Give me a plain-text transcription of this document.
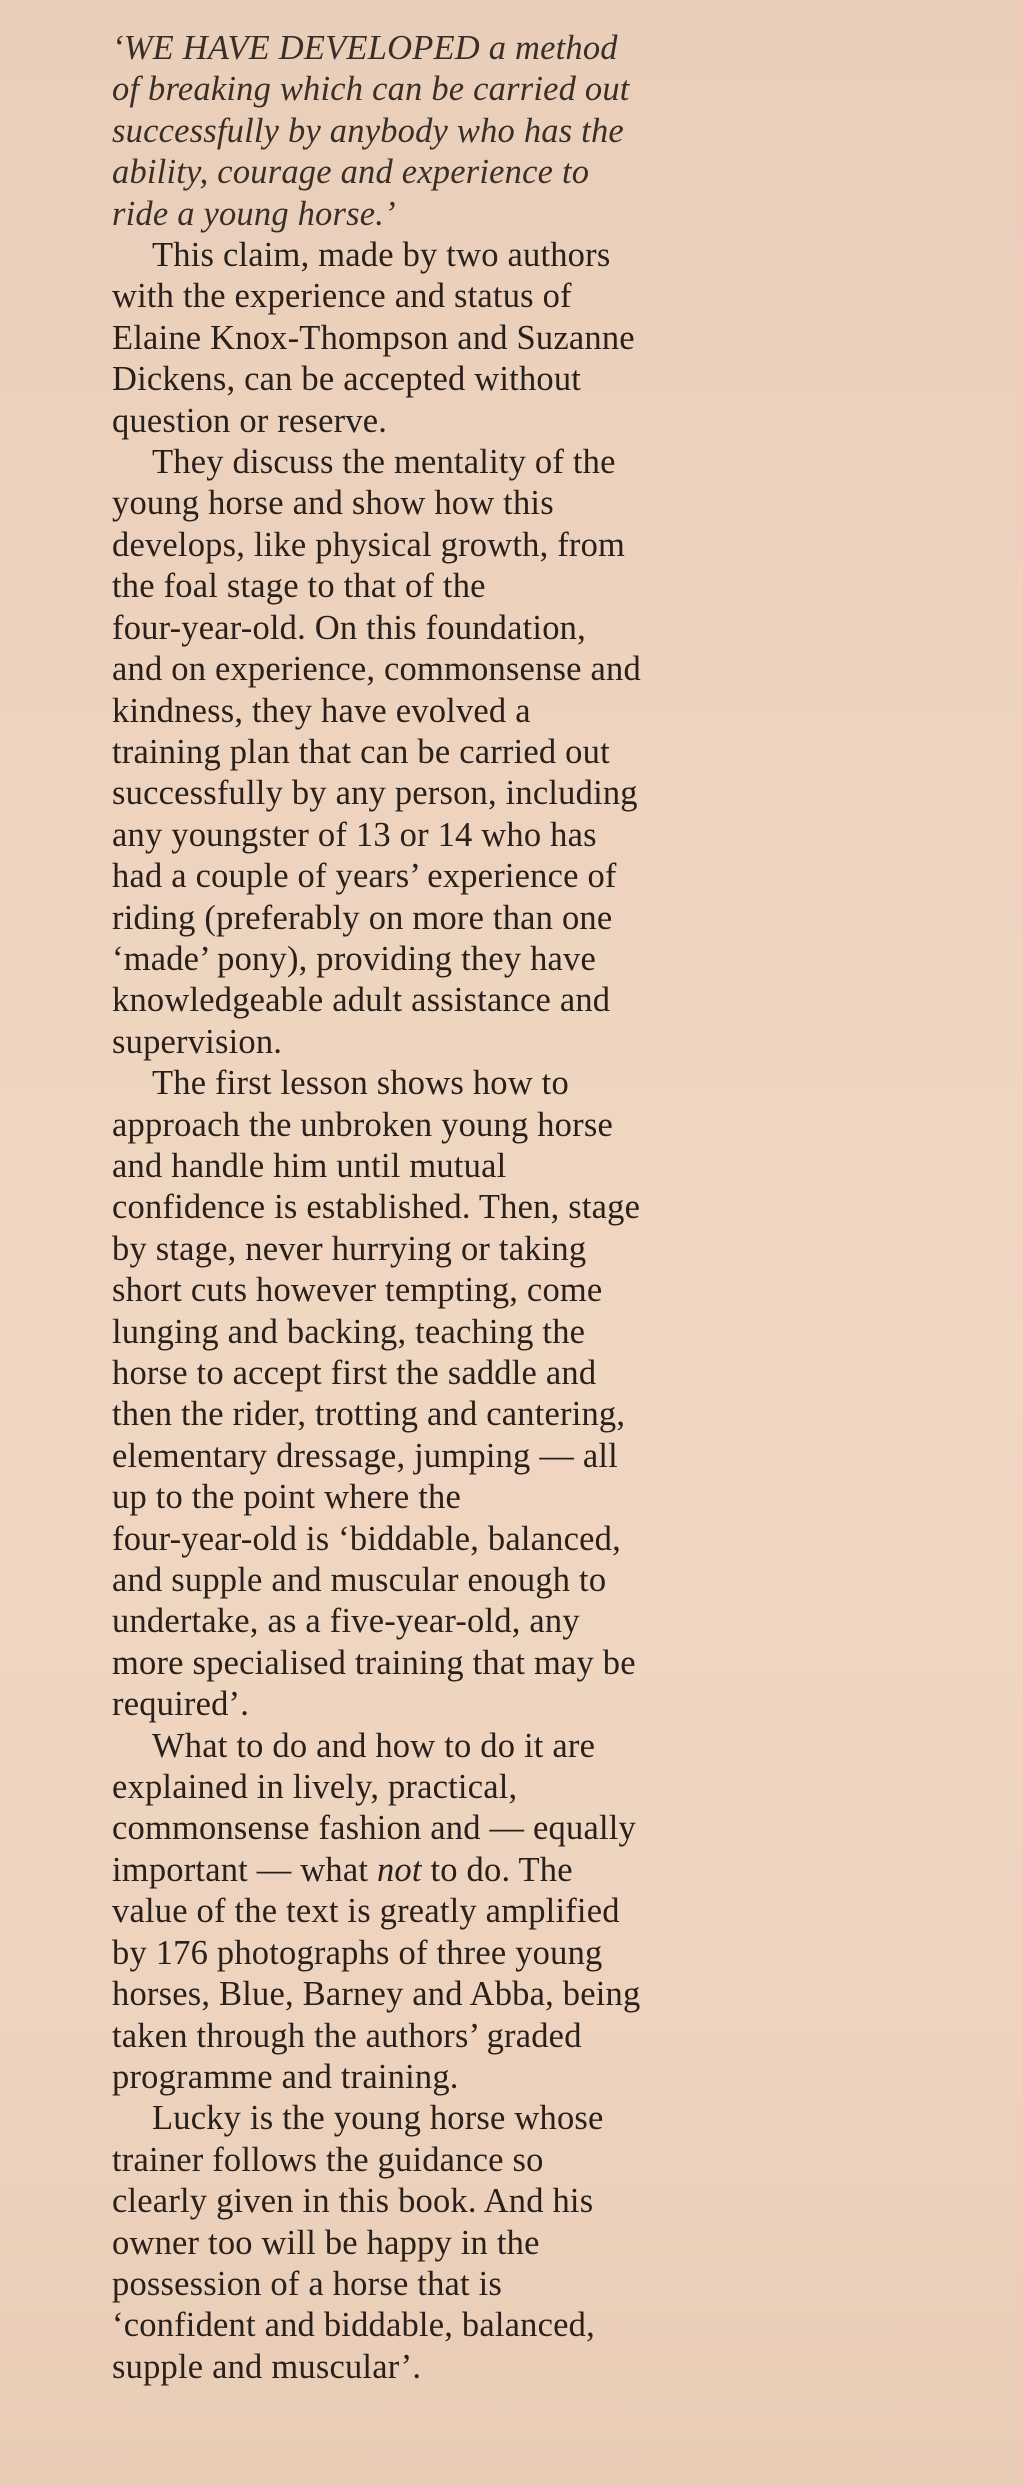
‘WE HAVE DEVELOPED a method
of breaking which can be carried out
successfully by anybody who has the
ability, courage and experience to
ride a young horse.’
This claim, made by two authors
with the experience and status of
Elaine Knox-Thompson and Suzanne
Dickens, can be accepted without
question or reserve.
They discuss the mentality of the
young horse and show how this
develops, like physical growth, from
the foal stage to that of the
four-year-old. On this foundation,
and on experience, commonsense and
kindness, they have evolved a
training plan that can be carried out
successfully by any person, including
any youngster of 13 or 14 who has
had a couple of years’ experience of
riding (preferably on more than one
‘made’ pony), providing they have
knowledgeable adult assistance and
supervision.
The first lesson shows how to
approach the unbroken young horse
and handle him until mutual
confidence is established. Then, stage
by stage, never hurrying or taking
short cuts however tempting, come
lunging and backing, teaching the
horse to accept first the saddle and
then the rider, trotting and cantering,
elementary dressage, jumping — all
up to the point where the
four-year-old is ‘biddable, balanced,
and supple and muscular enough to
undertake, as a five-year-old, any
more specialised training that may be
required’.
What to do and how to do it are
explained in lively, practical,
commonsense fashion and — equally
important — what not to do. The
value of the text is greatly amplified
by 176 photographs of three young
horses, Blue, Barney and Abba, being
taken through the authors’ graded
programme and training.
Lucky is the young horse whose
trainer follows the guidance so
clearly given in this book. And his
owner too will be happy in the
possession of a horse that is
‘confident and biddable, balanced,
supple and muscular’.
